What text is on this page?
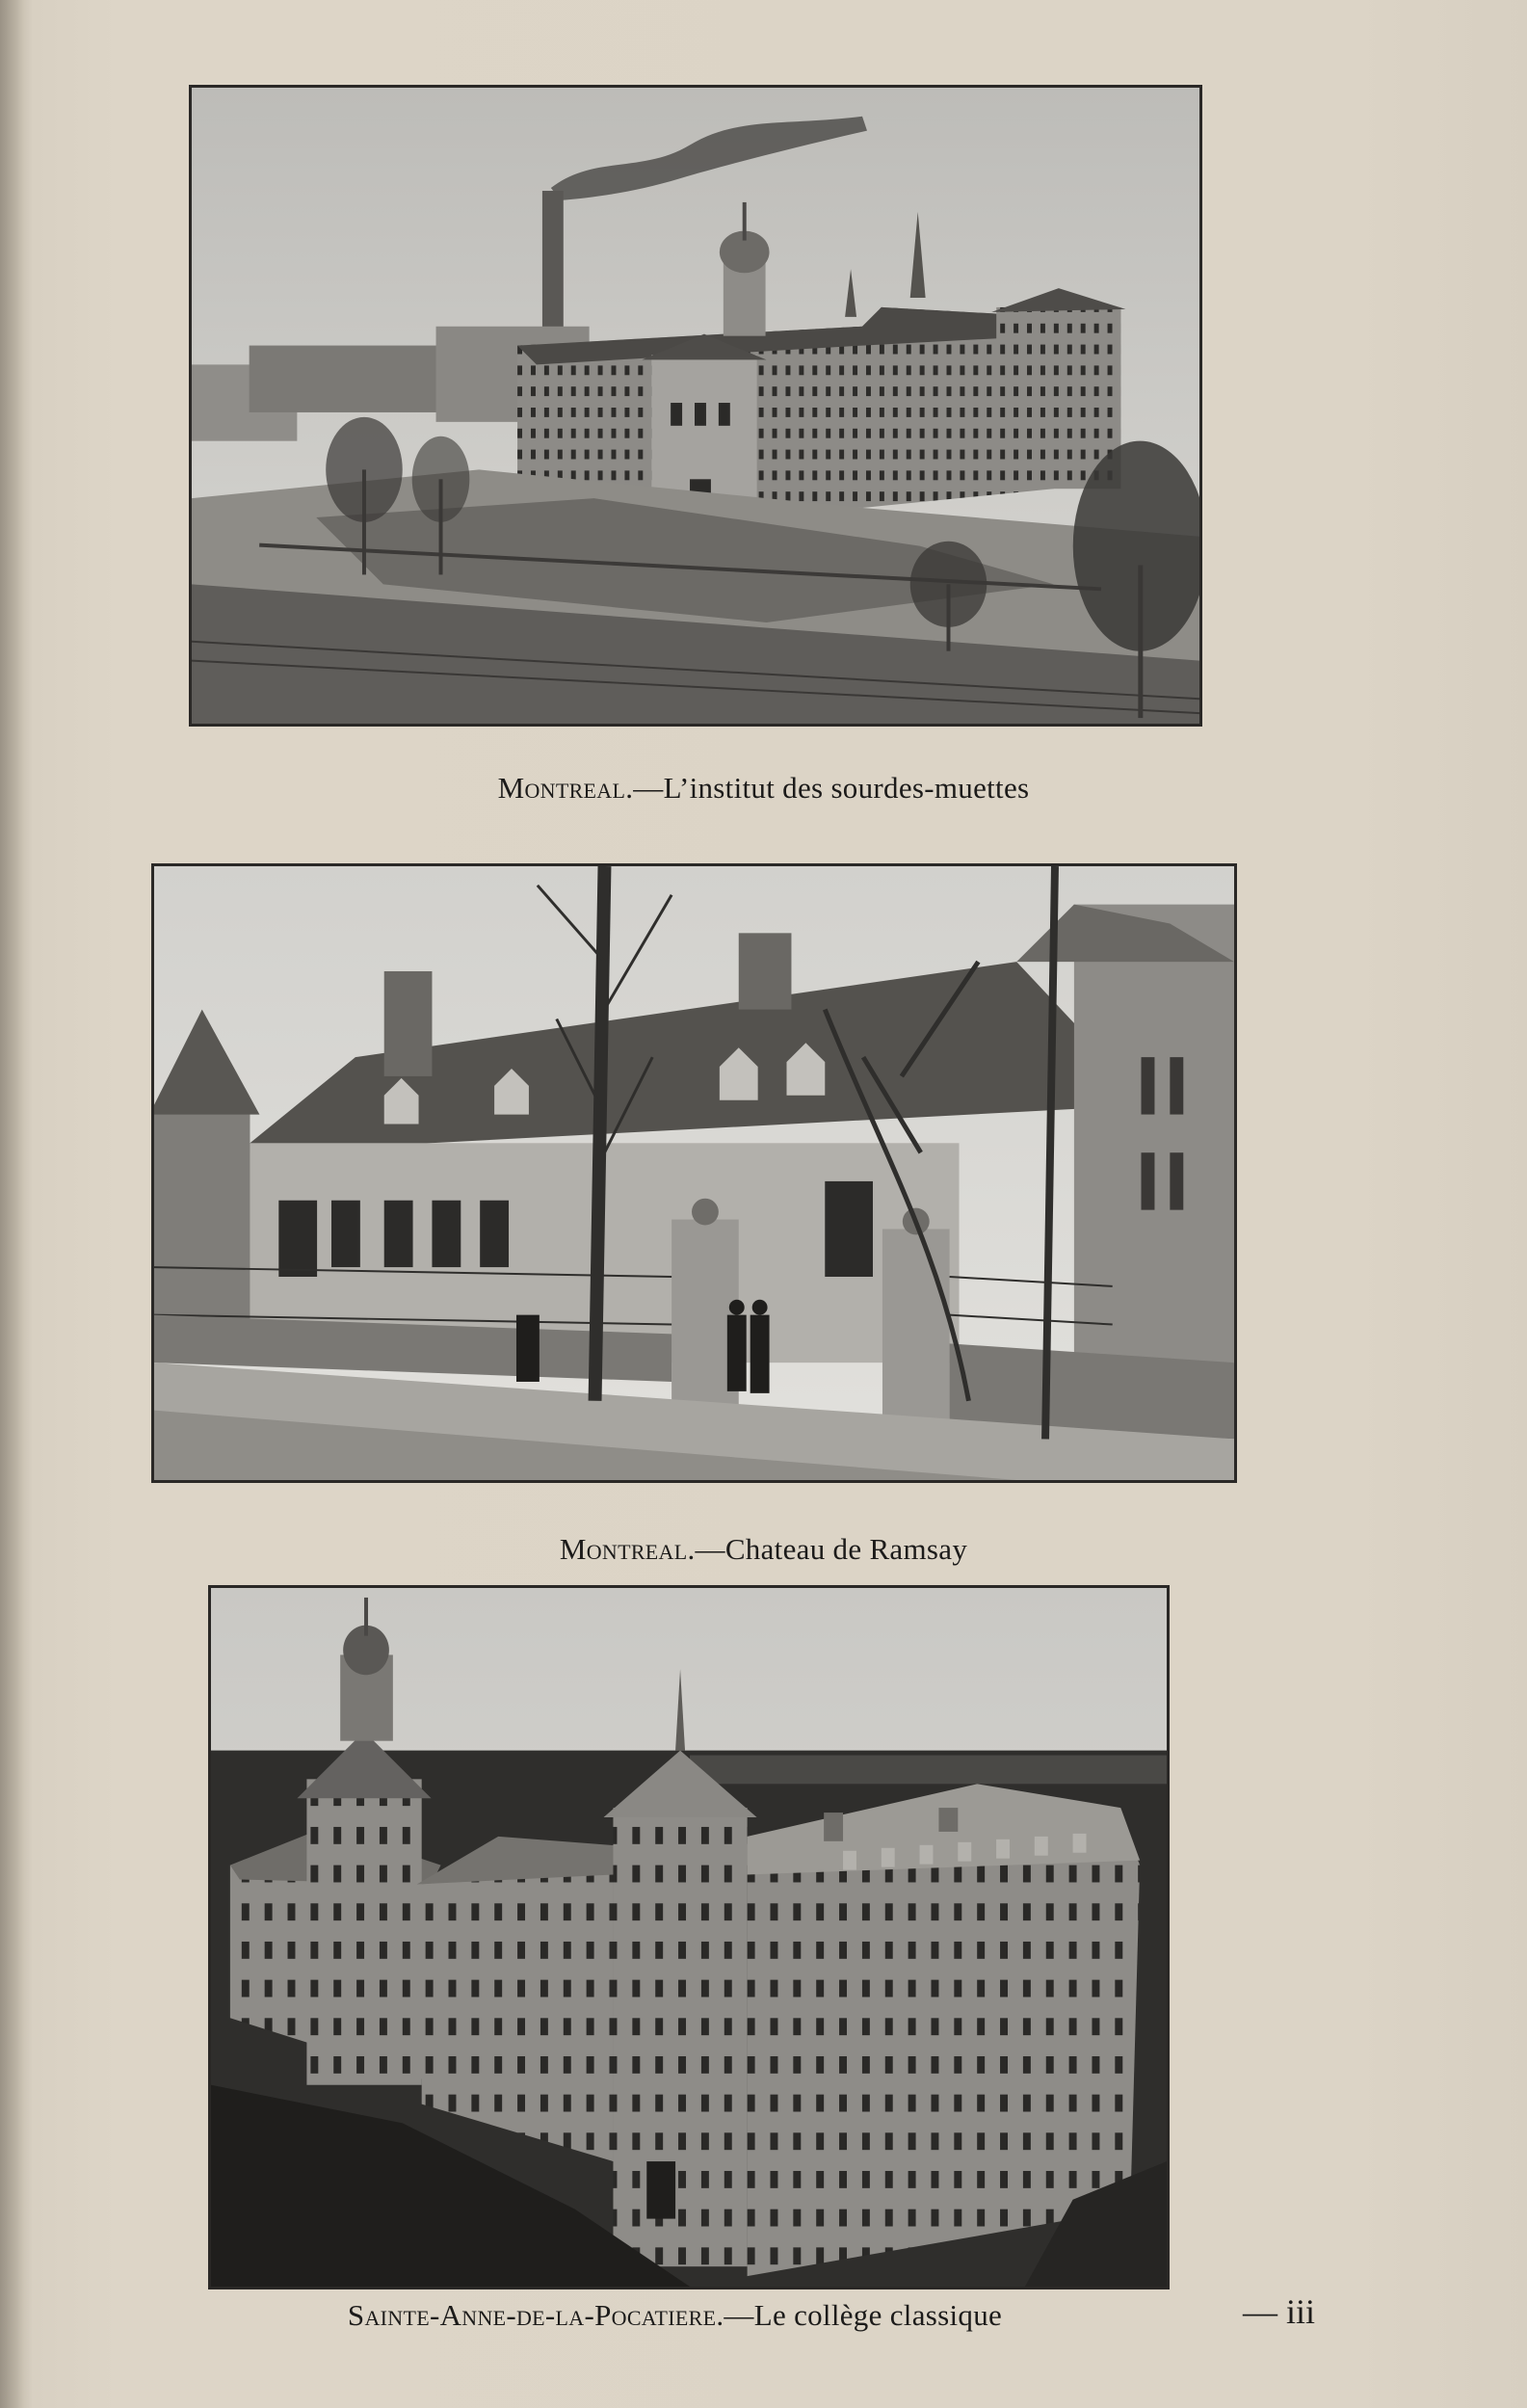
Montreal.—L’institut des sourdes-muettes
Montreal.—Chateau de Ramsay
Sainte-Anne-de-la-Pocatiere.—Le collège classique	— iii
